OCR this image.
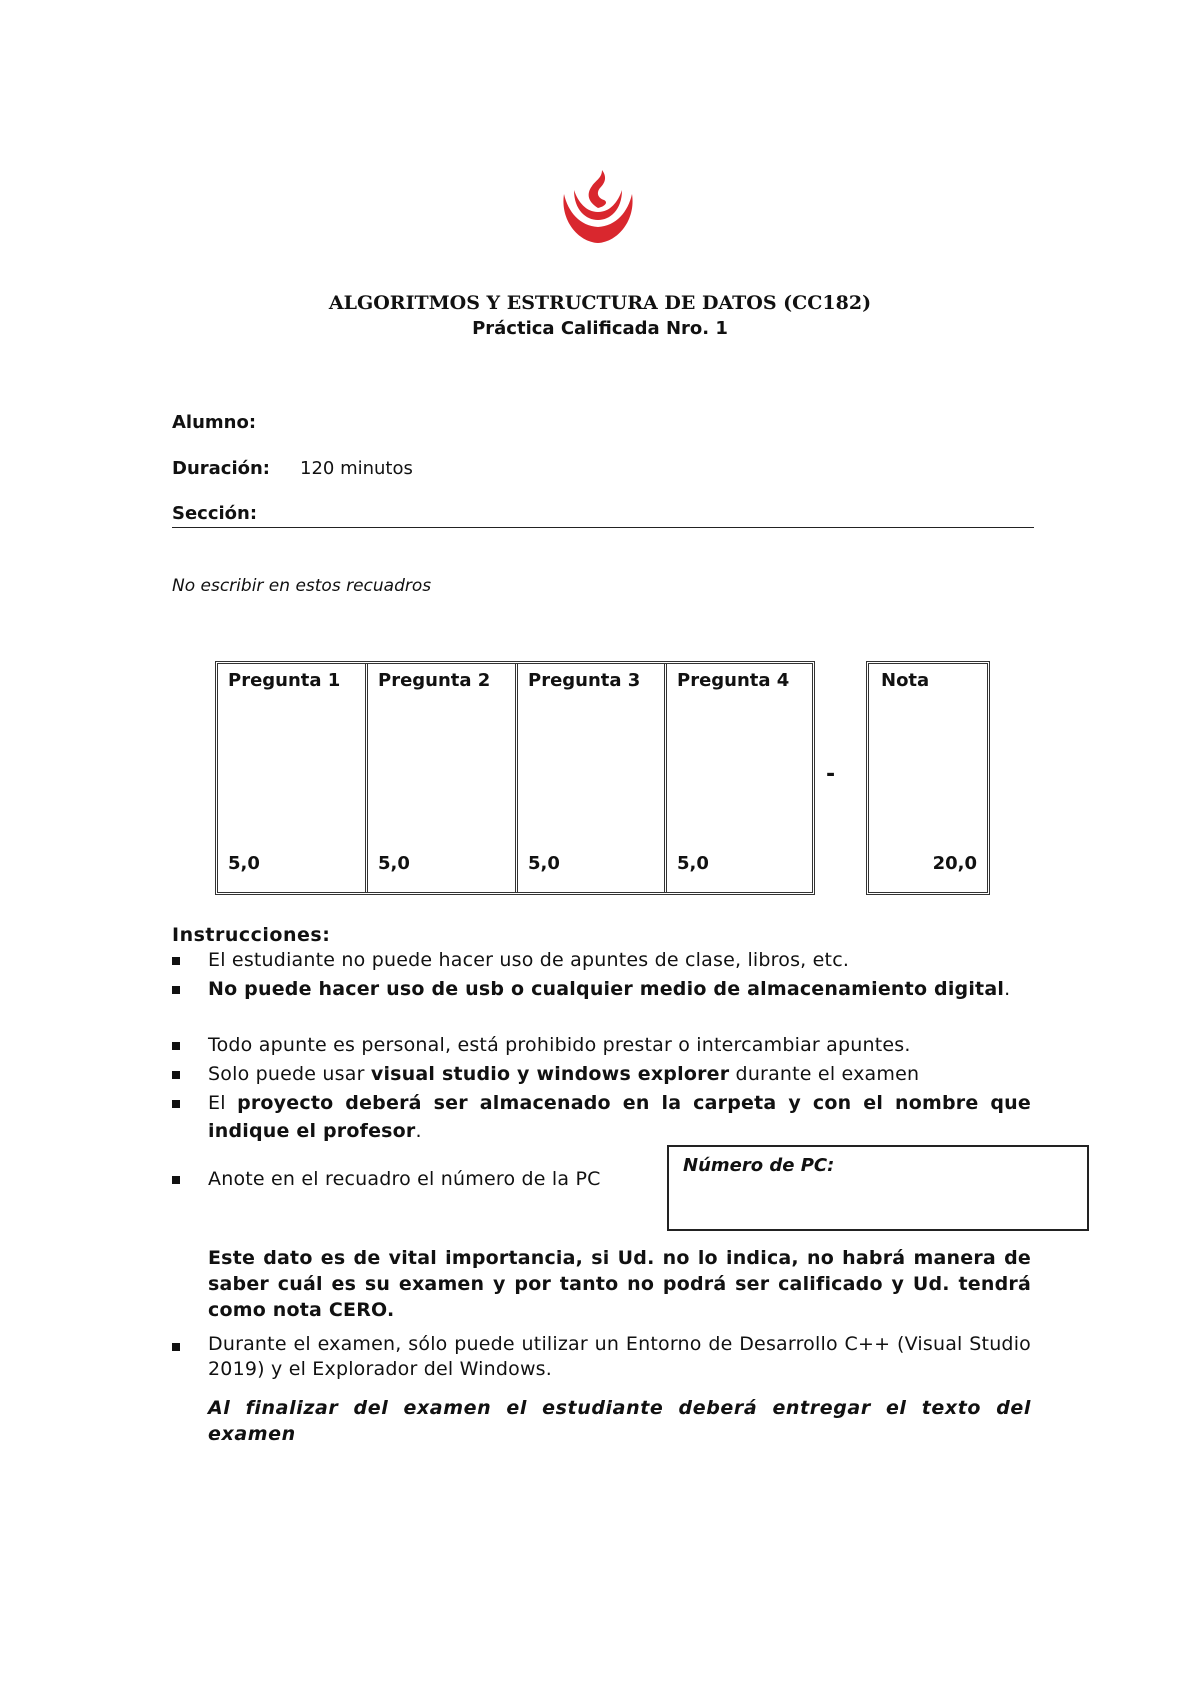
ALGORITMOS Y ESTRUCTURA DE DATOS (CC182)
Práctica Calificada Nro. 1
Alumno:
Duración: 120 minutos
Sección:
No escribir en estos recuadros
Pregunta 1
5,0
Pregunta 2
5,0
Pregunta 3
5,0
Pregunta 4
5,0
-
Nota
20,0
Instrucciones:
El estudiante no puede hacer uso de apuntes de clase, libros, etc.
No puede hacer uso de usb o cualquier medio de almacenamiento digital.
Todo apunte es personal, está prohibido prestar o intercambiar apuntes.
Solo puede usar visual studio y windows explorer durante el examen
El proyecto deberá ser almacenado en la carpeta y con el nombre que indique el profesor.
Anote en el recuadro el número de la PC
Número de PC:
Este dato es de vital importancia, si Ud. no lo indica, no habrá manera de saber cuál es su examen y por tanto no podrá ser calificado y Ud. tendrá como nota CERO.
Durante el examen, sólo puede utilizar un Entorno de Desarrollo C++ (Visual Studio 2019) y el Explorador del Windows.
Al finalizar del examen el estudiante deberá entregar el texto del examen
